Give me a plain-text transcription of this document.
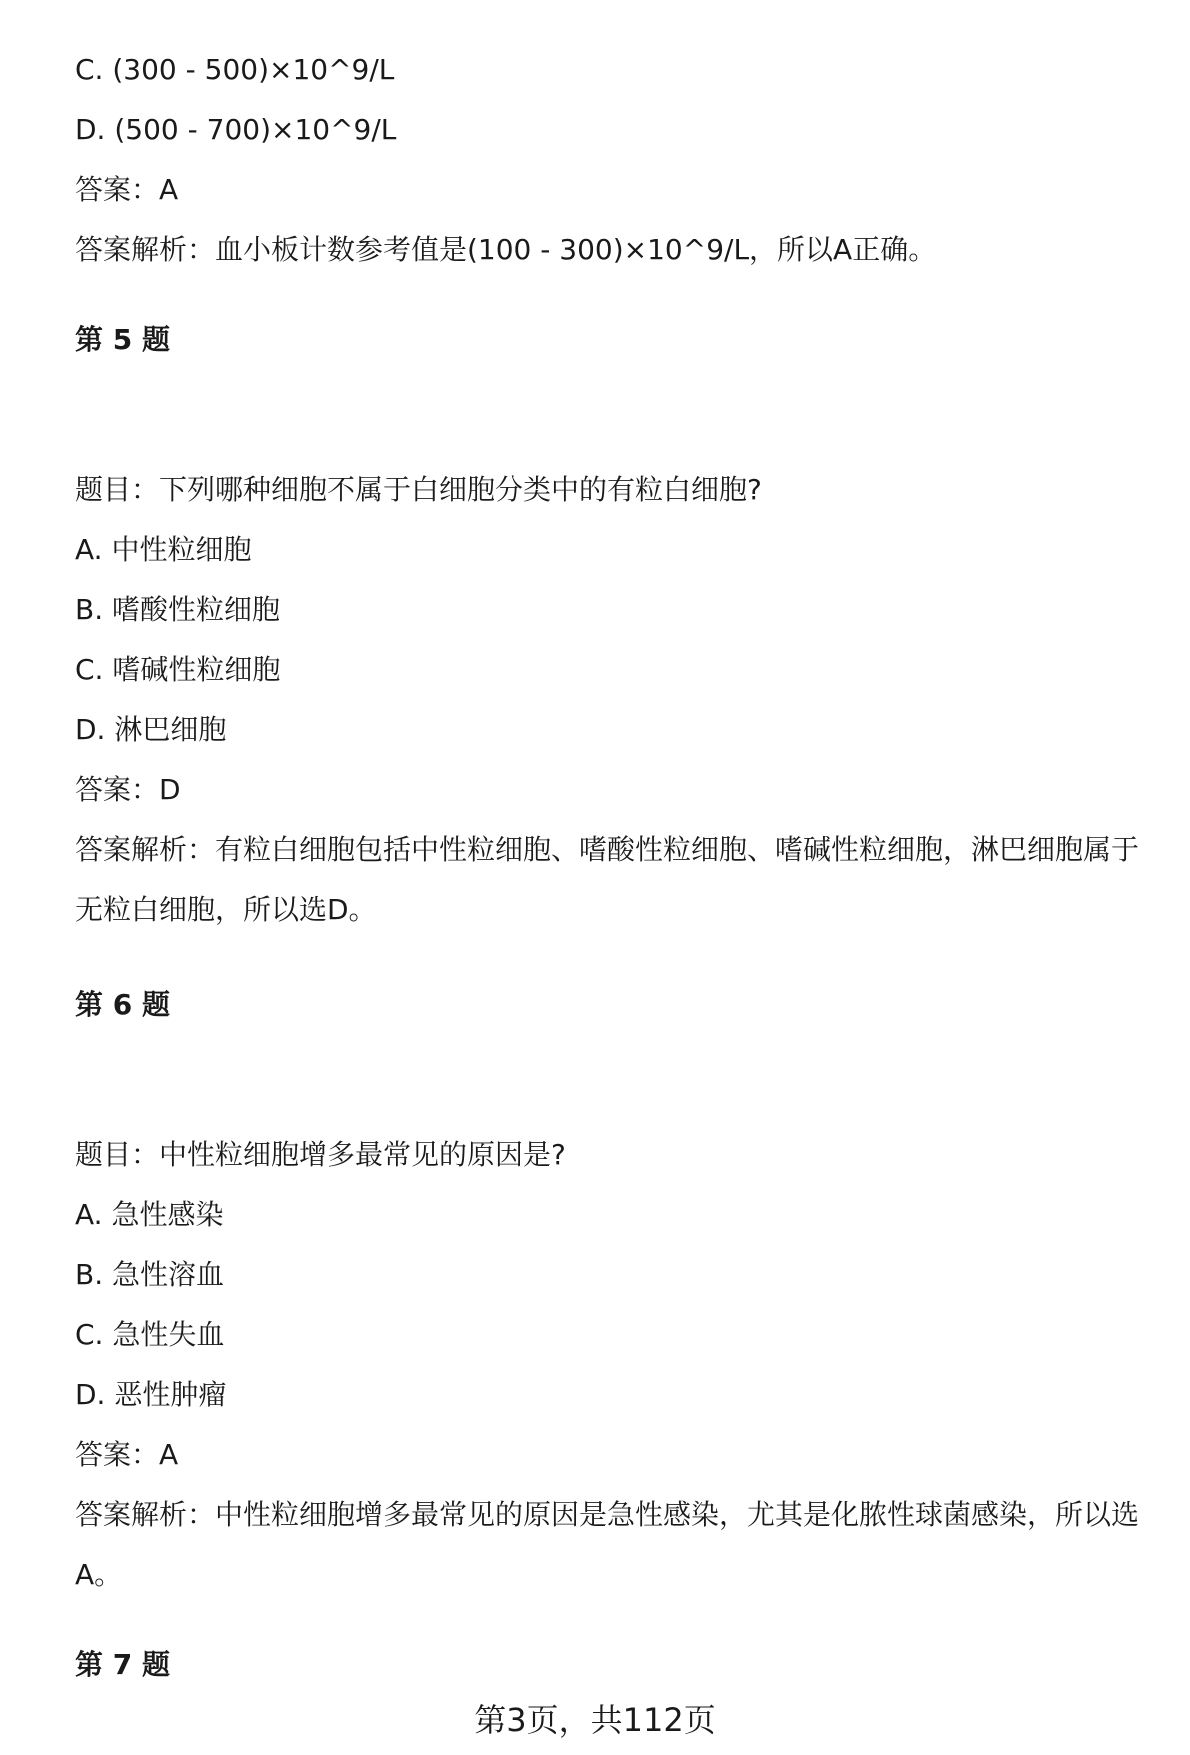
C. (300 - 500)×10^9/L
D. (500 - 700)×10^9/L
答案：A
答案解析：血小板计数参考值是(100 - 300)×10^9/L，所以A正确。
第 5 题
题目：下列哪种细胞不属于白细胞分类中的有粒白细胞?
A. 中性粒细胞
B. 嗜酸性粒细胞
C. 嗜碱性粒细胞
D. 淋巴细胞
答案：D
答案解析：有粒白细胞包括中性粒细胞、嗜酸性粒细胞、嗜碱性粒细胞，淋巴细胞属于无粒白细胞，所以选D。
第 6 题
题目：中性粒细胞增多最常见的原因是?
A. 急性感染
B. 急性溶血
C. 急性失血
D. 恶性肿瘤
答案：A
答案解析：中性粒细胞增多最常见的原因是急性感染，尤其是化脓性球菌感染，所以选A。
第 7 题
第3页，共112页
